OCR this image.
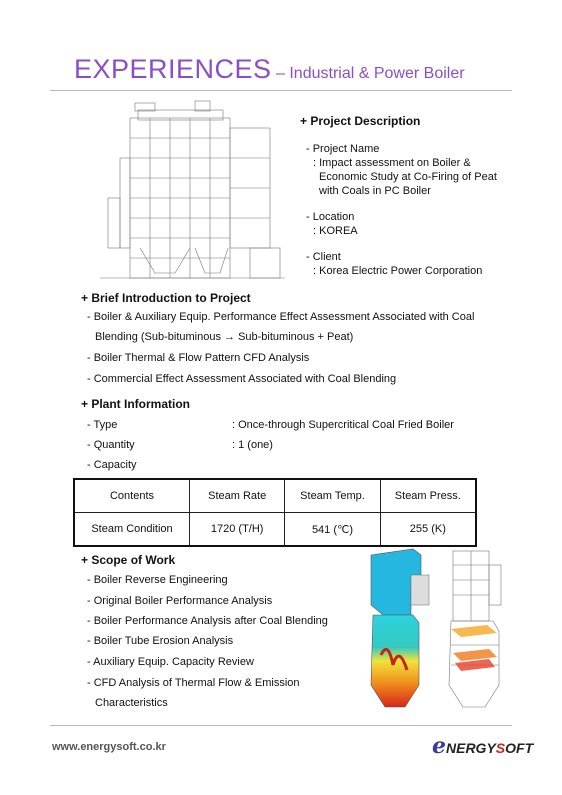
EXPERIENCES – Industrial & Power Boiler
+ Project Description
- Project Name
: Impact assessment on Boiler &
Economic Study at Co-Firing of Peat
with Coals in PC Boiler
- Location
: KOREA
- Client
: Korea Electric Power Corporation
+ Brief Introduction to Project
- Boiler & Auxiliary Equip. Performance Effect Assessment Associated with Coal
Blending (Sub-bituminous → Sub-bituminous + Peat)
- Boiler Thermal & Flow Pattern CFD Analysis
- Commercial Effect Assessment Associated with Coal Blending
+ Plant Information
- Type	: Once-through Supercritical Coal Fried Boiler
- Quantity	: 1 (one)
- Capacity
Contents	Steam Rate	Steam Temp.	Steam Press.
Steam Condition	1720 (T/H)	541 (℃)	255 (K)
+ Scope of Work
- Boiler Reverse Engineering
- Original Boiler Performance Analysis
- Boiler Performance Analysis after Coal Blending
- Boiler Tube Erosion Analysis
- Auxiliary Equip. Capacity Review
- CFD Analysis of Thermal Flow & Emission
Characteristics
www.energysoft.co.kr	eNERGYSOFT
